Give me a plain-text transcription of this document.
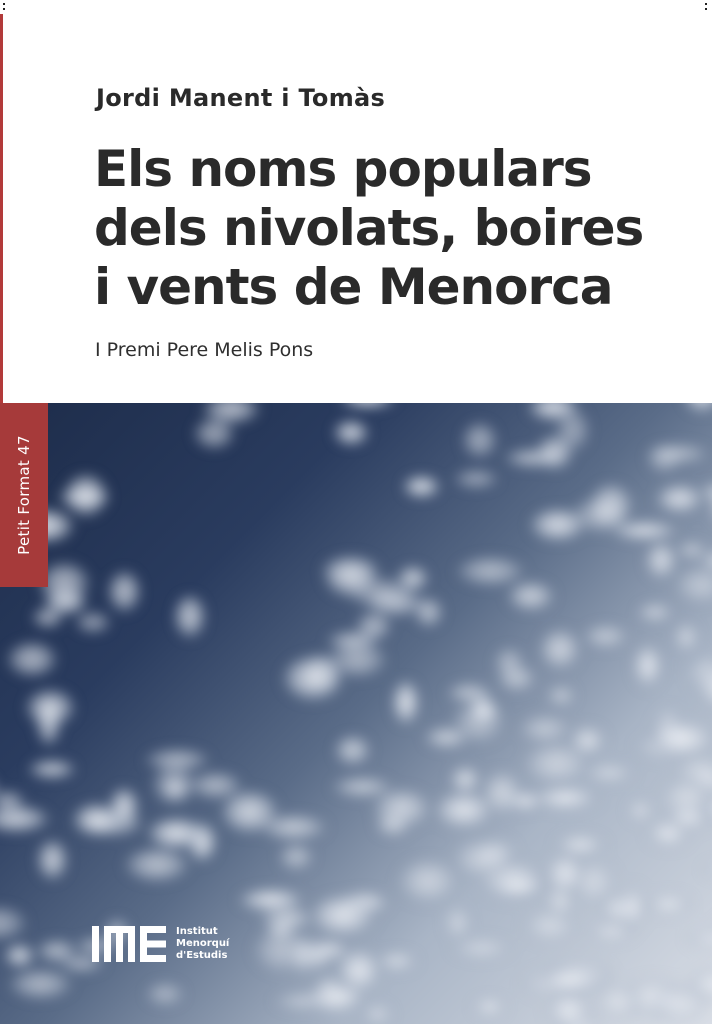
Jordi Manent i Tomàs
Els noms populars
dels nivolats, boires
i vents de Menorca

I Premi Pere Melis Pons

Petit Format 47
Institut
Menorquí
d'Estudis
